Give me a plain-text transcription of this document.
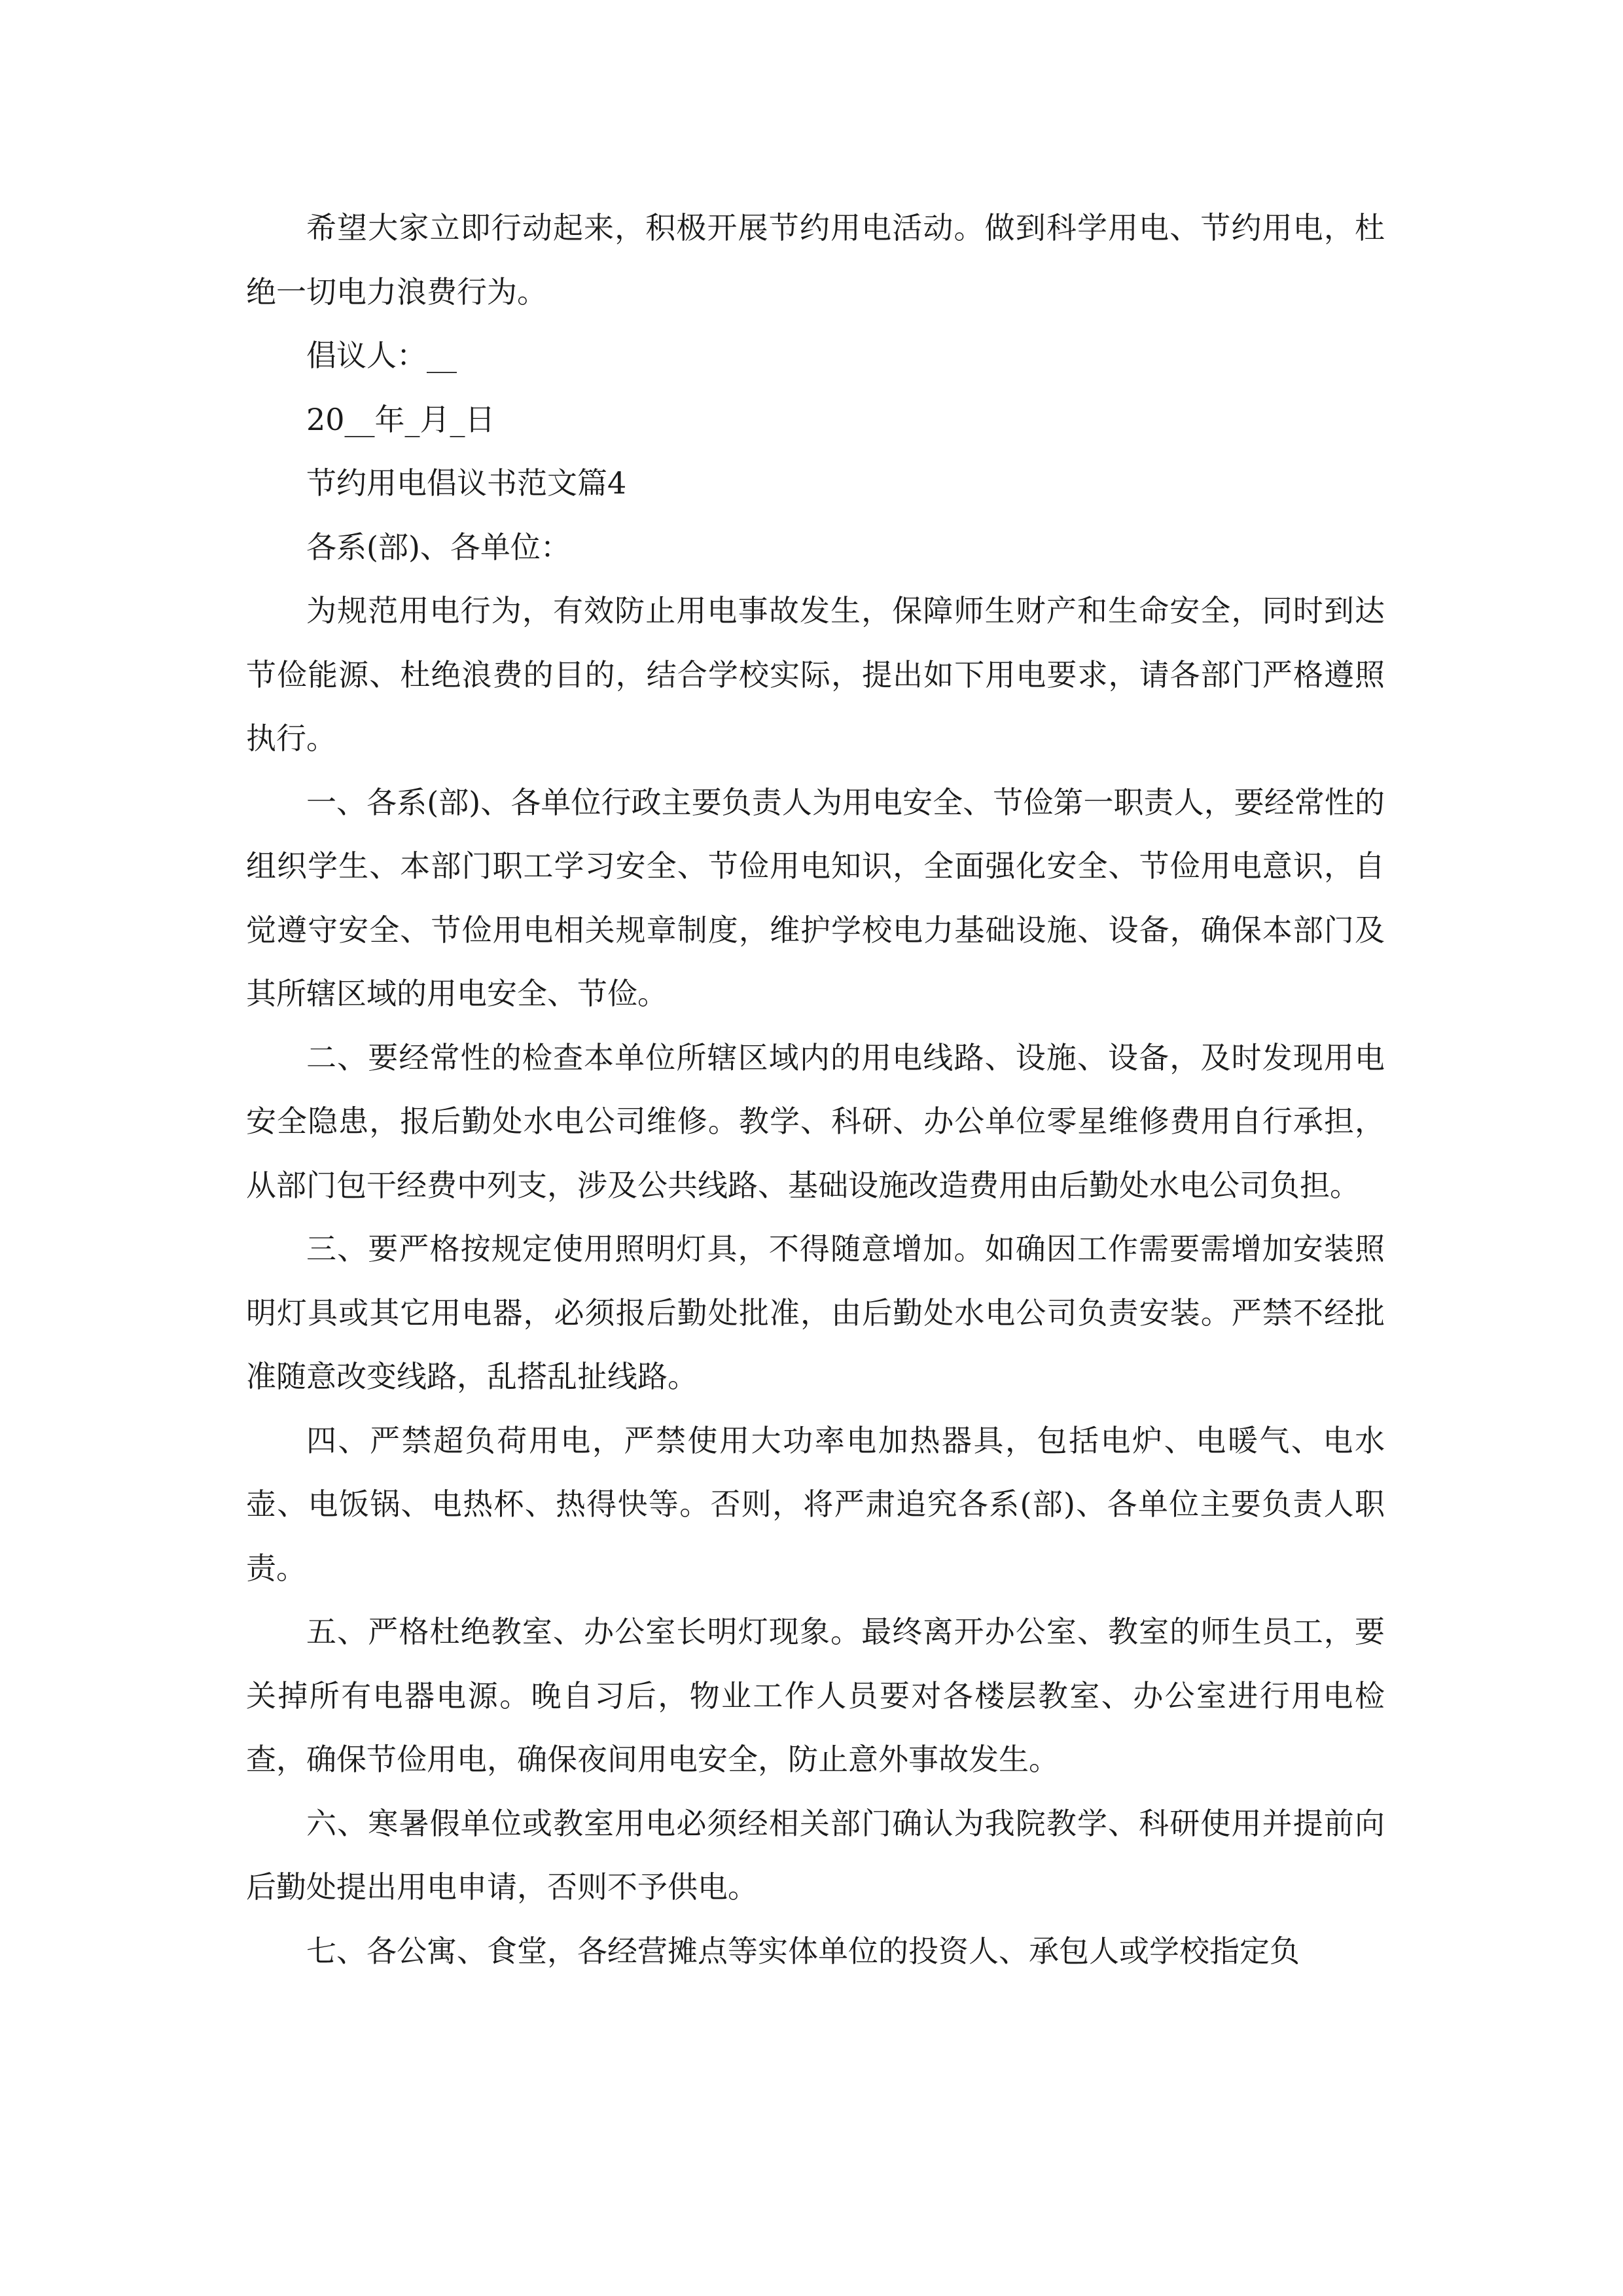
希望大家立即行动起来，积极开展节约用电活动。做到科学用电、节约用电，杜绝一切电力浪费行为。

倡议人：__

20__年_月_日

节约用电倡议书范文篇4

各系(部)、各单位：

为规范用电行为，有效防止用电事故发生，保障师生财产和生命安全，同时到达节俭能源、杜绝浪费的目的，结合学校实际，提出如下用电要求，请各部门严格遵照执行。

一、各系(部)、各单位行政主要负责人为用电安全、节俭第一职责人，要经常性的组织学生、本部门职工学习安全、节俭用电知识，全面强化安全、节俭用电意识，自觉遵守安全、节俭用电相关规章制度，维护学校电力基础设施、设备，确保本部门及其所辖区域的用电安全、节俭。

二、要经常性的检查本单位所辖区域内的用电线路、设施、设备，及时发现用电安全隐患，报后勤处水电公司维修。教学、科研、办公单位零星维修费用自行承担，从部门包干经费中列支，涉及公共线路、基础设施改造费用由后勤处水电公司负担。

三、要严格按规定使用照明灯具，不得随意增加。如确因工作需要需增加安装照明灯具或其它用电器，必须报后勤处批准，由后勤处水电公司负责安装。严禁不经批准随意改变线路，乱搭乱扯线路。

四、严禁超负荷用电，严禁使用大功率电加热器具，包括电炉、电暖气、电水壶、电饭锅、电热杯、热得快等。否则，将严肃追究各系(部)、各单位主要负责人职责。

五、严格杜绝教室、办公室长明灯现象。最终离开办公室、教室的师生员工，要关掉所有电器电源。晚自习后，物业工作人员要对各楼层教室、办公室进行用电检查，确保节俭用电，确保夜间用电安全，防止意外事故发生。

六、寒暑假单位或教室用电必须经相关部门确认为我院教学、科研使用并提前向后勤处提出用电申请，否则不予供电。

七、各公寓、食堂，各经营摊点等实体单位的投资人、承包人或学校指定负
